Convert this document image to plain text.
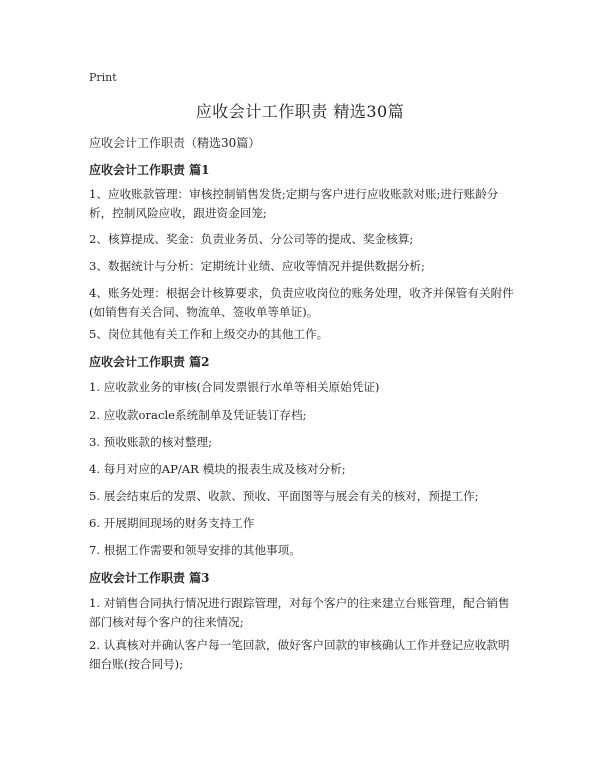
Print

应收会计工作职责 精选30篇

应收会计工作职责（精选30篇）

应收会计工作职责 篇1

1、应收账款管理：审核控制销售发货;定期与客户进行应收账款对账;进行账龄分析，控制风险应收，跟进资金回笼;

2、核算提成、奖金：负责业务员、分公司等的提成、奖金核算;

3、数据统计与分析：定期统计业绩、应收等情况并提供数据分析;

4、账务处理：根据会计核算要求，负责应收岗位的账务处理，收齐并保管有关附件(如销售有关合同、物流单、签收单等单证)。

5、岗位其他有关工作和上级交办的其他工作。

应收会计工作职责 篇2

1. 应收款业务的审核(合同发票银行水单等相关原始凭证)

2. 应收款oracle系统制单及凭证装订存档;

3. 预收账款的核对整理;

4. 每月对应的AP/AR 模块的报表生成及核对分析;

5. 展会结束后的发票、收款、预收、平面图等与展会有关的核对，预提工作;

6. 开展期间现场的财务支持工作

7. 根据工作需要和领导安排的其他事项。

应收会计工作职责 篇3

1. 对销售合同执行情况进行跟踪管理，对每个客户的往来建立台账管理，配合销售部门核对每个客户的往来情况;

2. 认真核对并确认客户每一笔回款，做好客户回款的审核确认工作并登记应收款明细台账(按合同号);
